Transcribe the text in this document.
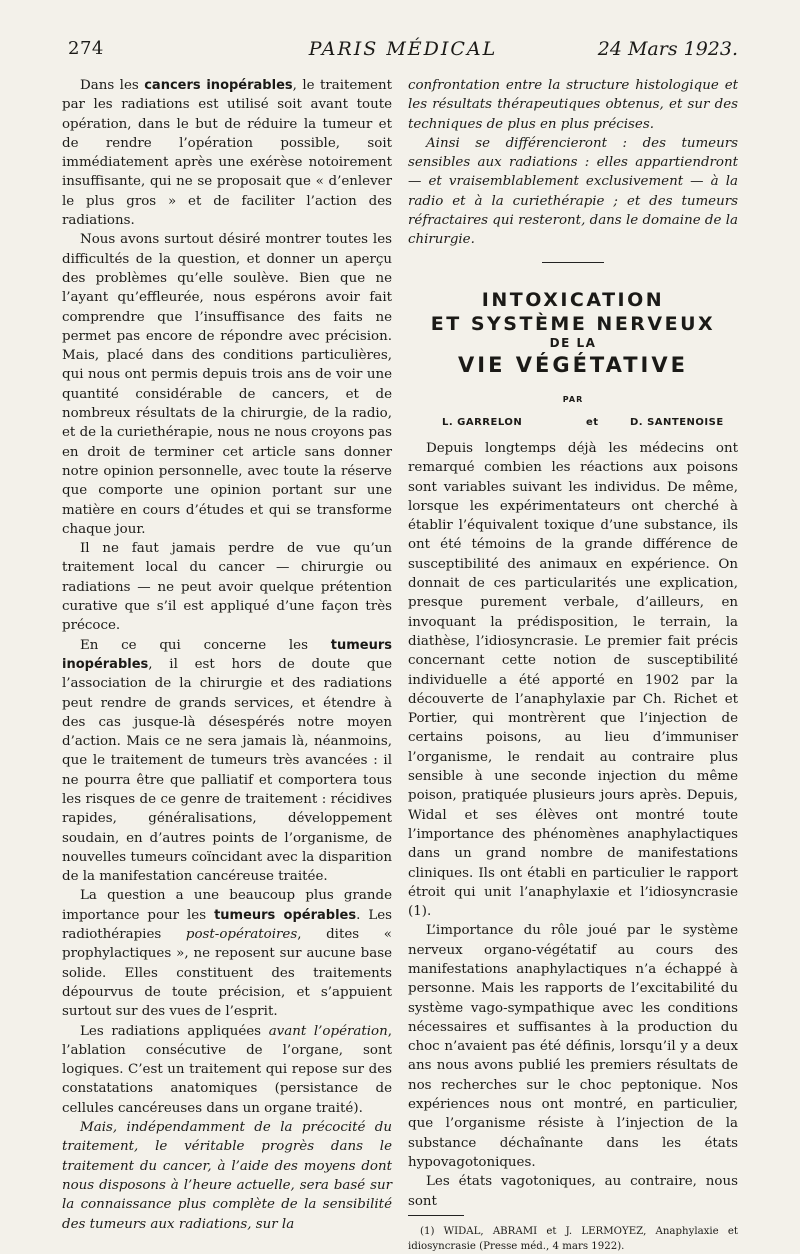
274	PARIS MÉDICAL	24 Mars 1923.

Dans les cancers inopérables, le traitement par les radiations est utilisé soit avant toute opération, dans le but de réduire la tumeur et de rendre l’opération possible, soit immédiatement après une exérèse notoirement insuffisante, qui ne se proposait que « d’enlever le plus gros » et de faciliter l’action des radiations.

Nous avons surtout désiré montrer toutes les difficultés de la question, et donner un aperçu des problèmes qu’elle soulève. Bien que ne l’ayant qu’effleurée, nous espérons avoir fait comprendre que l’insuffisance des faits ne permet pas encore de répondre avec précision. Mais, placé dans des conditions particulières, qui nous ont permis depuis trois ans de voir une quantité considérable de cancers, et de nombreux résultats de la chirurgie, de la radio, et de la curiethérapie, nous ne nous croyons pas en droit de terminer cet article sans donner notre opinion personnelle, avec toute la réserve que comporte une opinion portant sur une matière en cours d’études et qui se transforme chaque jour.

Il ne faut jamais perdre de vue qu’un traitement local du cancer — chirurgie ou radiations — ne peut avoir quelque prétention curative que s’il est appliqué d’une façon très précoce.

En ce qui concerne les tumeurs inopérables, il est hors de doute que l’association de la chirurgie et des radiations peut rendre de grands services, et étendre à des cas jusque-là désespérés notre moyen d’action. Mais ce ne sera jamais là, néanmoins, que le traitement de tumeurs très avancées : il ne pourra être que palliatif et comportera tous les risques de ce genre de traitement : récidives rapides, généralisations, développement soudain, en d’autres points de l’organisme, de nouvelles tumeurs coïncidant avec la disparition de la manifestation cancéreuse traitée.

La question a une beaucoup plus grande importance pour les tumeurs opérables. Les radiothérapies post-opératoires, dites « prophylactiques », ne reposent sur aucune base solide. Elles constituent des traitements dépourvus de toute précision, et s’appuient surtout sur des vues de l’esprit.

Les radiations appliquées avant l’opération, l’ablation consécutive de l’organe, sont logiques. C’est un traitement qui repose sur des constatations anatomiques (persistance de cellules cancéreuses dans un organe traité).

Mais, indépendamment de la précocité du traitement, le véritable progrès dans le traitement du cancer, à l’aide des moyens dont nous disposons à l’heure actuelle, sera basé sur la connaissance plus complète de la sensibilité des tumeurs aux radiations, sur la

confrontation entre la structure histologique et les résultats thérapeutiques obtenus, et sur des techniques de plus en plus précises.

Ainsi se différencieront : des tumeurs sensibles aux radiations : elles appartiendront — et vraisemblablement exclusivement — à la radio et à la curiethérapie ; et des tumeurs réfractaires qui resteront, dans le domaine de la chirurgie.

INTOXICATION
ET SYSTÈME NERVEUX
DE LA
VIE VÉGÉTATIVE
PAR
L. GARRELON	et	D. SANTENOISE

Depuis longtemps déjà les médecins ont remarqué combien les réactions aux poisons sont variables suivant les individus. De même, lorsque les expérimentateurs ont cherché à établir l’équivalent toxique d’une substance, ils ont été témoins de la grande différence de susceptibilité des animaux en expérience. On donnait de ces particularités une explication, presque purement verbale, d’ailleurs, en invoquant la prédisposition, le terrain, la diathèse, l’idiosyncrasie. Le premier fait précis concernant cette notion de susceptibilité individuelle a été apporté en 1902 par la découverte de l’anaphylaxie par Ch. Richet et Portier, qui montrèrent que l’injection de certains poisons, au lieu d’immuniser l’organisme, le rendait au contraire plus sensible à une seconde injection du même poison, pratiquée plusieurs jours après. Depuis, Widal et ses élèves ont montré toute l’importance des phénomènes anaphylactiques dans un grand nombre de manifestations cliniques. Ils ont établi en particulier le rapport étroit qui unit l’anaphylaxie et l’idiosyncrasie (1).

L’importance du rôle joué par le système nerveux organo-végétatif au cours des manifestations anaphylactiques n’a échappé à personne. Mais les rapports de l’excitabilité du système vago-sympathique avec les conditions nécessaires et suffisantes à la production du choc n’avaient pas été définis, lorsqu’il y a deux ans nous avons publié les premiers résultats de nos recherches sur le choc peptonique. Nos expériences nous ont montré, en particulier, que l’organisme résiste à l’injection de la substance déchaînante dans les états hypovagotoniques.

Les états vagotoniques, au contraire, nous sont

(1) WIDAL, ABRAMI et J. LERMOYEZ, Anaphylaxie et idiosyncrasie (Presse méd., 4 mars 1922).
